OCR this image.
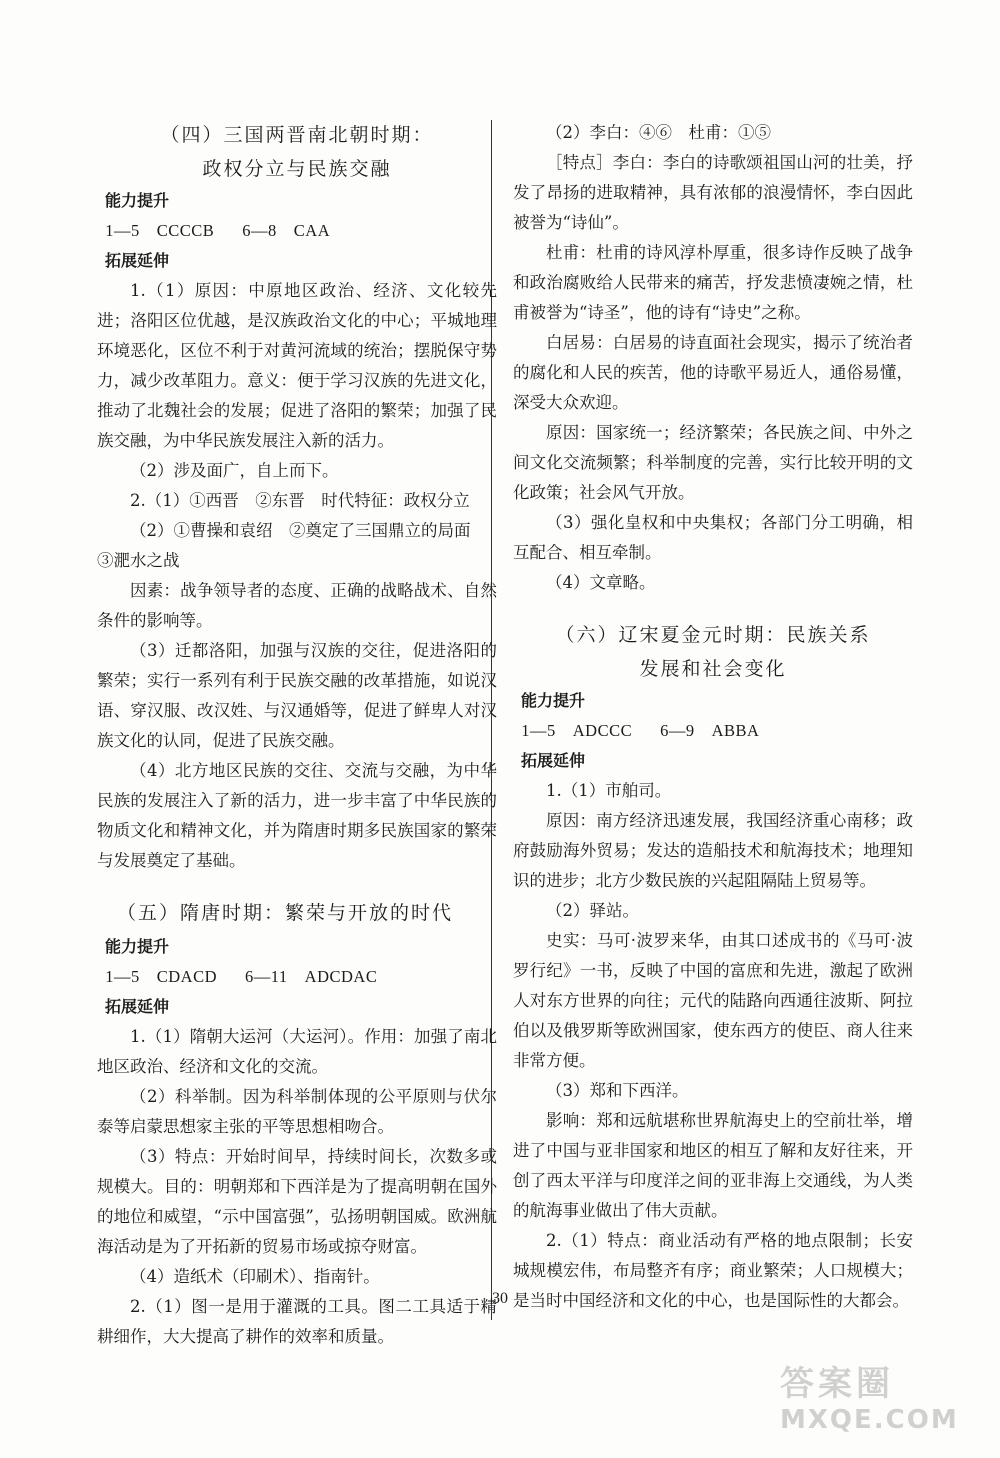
（四）三国两晋南北朝时期：

政权分立与民族交融

能力提升

1—5　CCCCB 6—8　CAA

拓展延伸

1.（1）原因：中原地区政治、经济、文化较先进；洛阳区位优越，是汉族政治文化的中心；平城地理环境恶化，区位不利于对黄河流域的统治；摆脱保守势力，减少改革阻力。意义：便于学习汉族的先进文化，推动了北魏社会的发展；促进了洛阳的繁荣；加强了民族交融，为中华民族发展注入新的活力。

（2）涉及面广，自上而下。

2.（1）①西晋　②东晋　时代特征：政权分立

（2）①曹操和袁绍　②奠定了三国鼎立的局面

③淝水之战

因素：战争领导者的态度、正确的战略战术、自然条件的影响等。

（3）迁都洛阳，加强与汉族的交往，促进洛阳的繁荣；实行一系列有利于民族交融的改革措施，如说汉语、穿汉服、改汉姓、与汉通婚等，促进了鲜卑人对汉族文化的认同，促进了民族交融。

（4）北方地区民族的交往、交流与交融，为中华民族的发展注入了新的活力，进一步丰富了中华民族的物质文化和精神文化，并为隋唐时期多民族国家的繁荣与发展奠定了基础。

（五）隋唐时期：繁荣与开放的时代

能力提升

1—5　CDACD 6—11　ADCDAC

拓展延伸

1.（1）隋朝大运河（大运河）。作用：加强了南北地区政治、经济和文化的交流。

（2）科举制。因为科举制体现的公平原则与伏尔泰等启蒙思想家主张的平等思想相吻合。

（3）特点：开始时间早，持续时间长，次数多或规模大。目的：明朝郑和下西洋是为了提高明朝在国外的地位和威望，“示中国富强”，弘扬明朝国威。欧洲航海活动是为了开拓新的贸易市场或掠夺财富。

（4）造纸术（印刷术）、指南针。

2.（1）图一是用于灌溉的工具。图二工具适于精耕细作，大大提高了耕作的效率和质量。

（2）李白：④⑥　杜甫：①⑤

［特点］李白：李白的诗歌颂祖国山河的壮美，抒发了昂扬的进取精神，具有浓郁的浪漫情怀，李白因此被誉为“诗仙”。

杜甫：杜甫的诗风淳朴厚重，很多诗作反映了战争和政治腐败给人民带来的痛苦，抒发悲愤凄婉之情，杜甫被誉为“诗圣”，他的诗有“诗史”之称。

白居易：白居易的诗直面社会现实，揭示了统治者的腐化和人民的疾苦，他的诗歌平易近人，通俗易懂，深受大众欢迎。

原因：国家统一；经济繁荣；各民族之间、中外之间文化交流频繁；科举制度的完善，实行比较开明的文化政策；社会风气开放。

（3）强化皇权和中央集权；各部门分工明确，相互配合、相互牵制。

（4）文章略。

（六）辽宋夏金元时期：民族关系

发展和社会变化

能力提升

1—5　ADCCC 6—9　ABBA

拓展延伸

1.（1）市舶司。

原因：南方经济迅速发展，我国经济重心南移；政府鼓励海外贸易；发达的造船技术和航海技术；地理知识的进步；北方少数民族的兴起阻隔陆上贸易等。

（2）驿站。

史实：马可·波罗来华，由其口述成书的《马可·波罗行纪》一书，反映了中国的富庶和先进，激起了欧洲人对东方世界的向往；元代的陆路向西通往波斯、阿拉伯以及俄罗斯等欧洲国家，使东西方的使臣、商人往来非常方便。

（3）郑和下西洋。

影响：郑和远航堪称世界航海史上的空前壮举，增进了中国与亚非国家和地区的相互了解和友好往来，开创了西太平洋与印度洋之间的亚非海上交通线，为人类的航海事业做出了伟大贡献。

2.（1）特点：商业活动有严格的地点限制；长安城规模宏伟，布局整齐有序；商业繁荣；人口规模大；是当时中国经济和文化的中心，也是国际性的大都会。

30
答案圈
MXQE.COM
